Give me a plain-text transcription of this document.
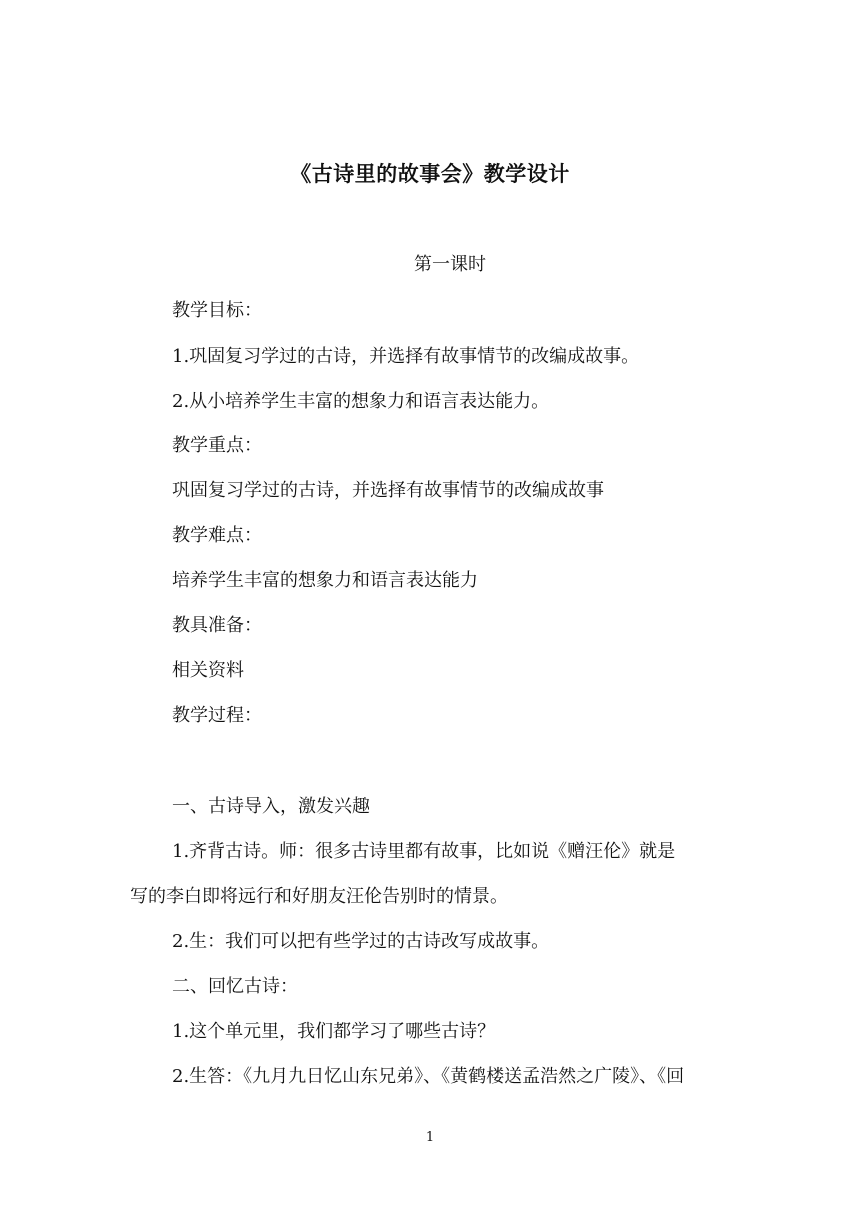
《古诗里的故事会》教学设计
第一课时
教学目标：
1.巩固复习学过的古诗，并选择有故事情节的改编成故事。
2.从小培养学生丰富的想象力和语言表达能力。
教学重点：
巩固复习学过的古诗，并选择有故事情节的改编成故事
教学难点：
培养学生丰富的想象力和语言表达能力
教具准备：
相关资料
教学过程：
一、古诗导入，激发兴趣
1.齐背古诗。师：很多古诗里都有故事，比如说《赠汪伦》就是
写的李白即将远行和好朋友汪伦告别时的情景。
2.生：我们可以把有些学过的古诗改写成故事。
二、回忆古诗：
1.这个单元里，我们都学习了哪些古诗？
2.生答：《九月九日忆山东兄弟》、《黄鹤楼送孟浩然之广陵》、《回
1
